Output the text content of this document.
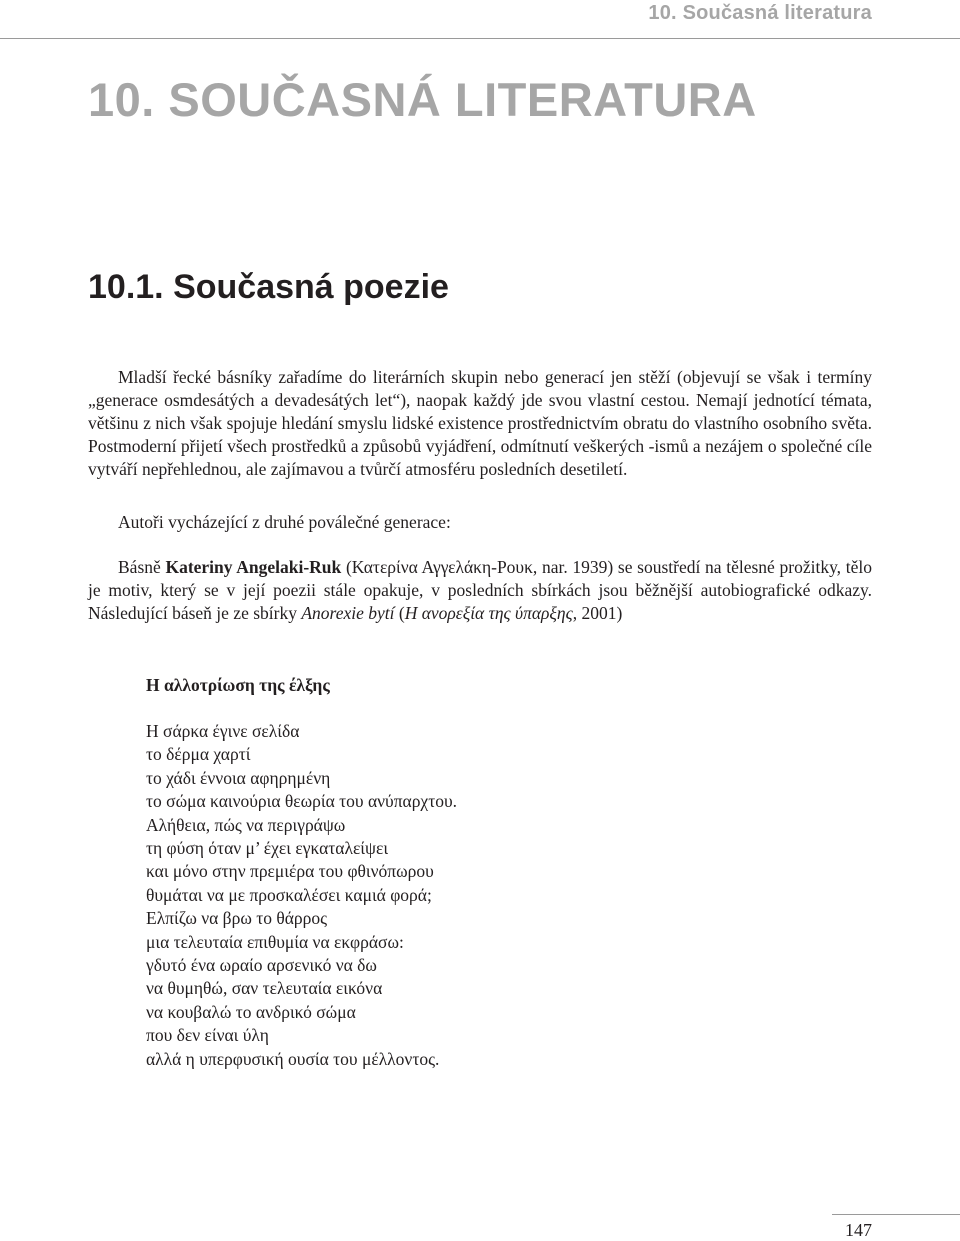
10. Současná literatura
10. SOUČASNÁ LITERATURA
10.1. Současná poezie

Mladší řecké básníky zařadíme do literárních skupin nebo generací jen stěží (objevují se však i termíny „generace osmdesátých a devadesátých let“), naopak každý jde svou vlastní cestou. Nemají jednotící témata, většinu z nich však spojuje hledání smyslu lidské existence prostřednictvím obratu do vlastního osobního světa. Postmoderní přijetí všech prostředků a způsobů vyjádření, odmítnutí veškerých -ismů a nezájem o společné cíle vytváří nepřehlednou, ale zajímavou a tvůrčí atmosféru posledních desetiletí.

Autoři vycházející z druhé poválečné generace:

Básně Kateriny Angelaki-Ruk (Κατερίνα Αγγελάκη-Ρουκ, nar. 1939) se soustředí na tělesné prožitky, tělo je motiv, který se v její poezii stále opakuje, v posledních sbírkách jsou běžnější autobiografické odkazy. Následující báseň je ze sbírky Anorexie bytí (Η ανορεξία της ύπαρξης, 2001)

Η αλλοτρίωση της έλξης
Η σάρκα έγινε σελίδα
το δέρμα χαρτί
το χάδι έννοια αφηρημένη
το σώμα καινούρια θεωρία του ανύπαρχτου.
Αλήθεια, πώς να περιγράψω
τη φύση όταν μ’ έχει εγκαταλείψει
και μόνο στην πρεμιέρα του φθινόπωρου
θυμάται να με προσκαλέσει καμιά φορά;
Ελπίζω να βρω το θάρρος
μια τελευταία επιθυμία να εκφράσω:
γδυτό ένα ωραίο αρσενικό να δω
να θυμηθώ, σαν τελευταία εικόνα
να κουβαλώ το ανδρικό σώμα
που δεν είναι ύλη
αλλά η υπερφυσική ουσία του μέλλοντος.
147
